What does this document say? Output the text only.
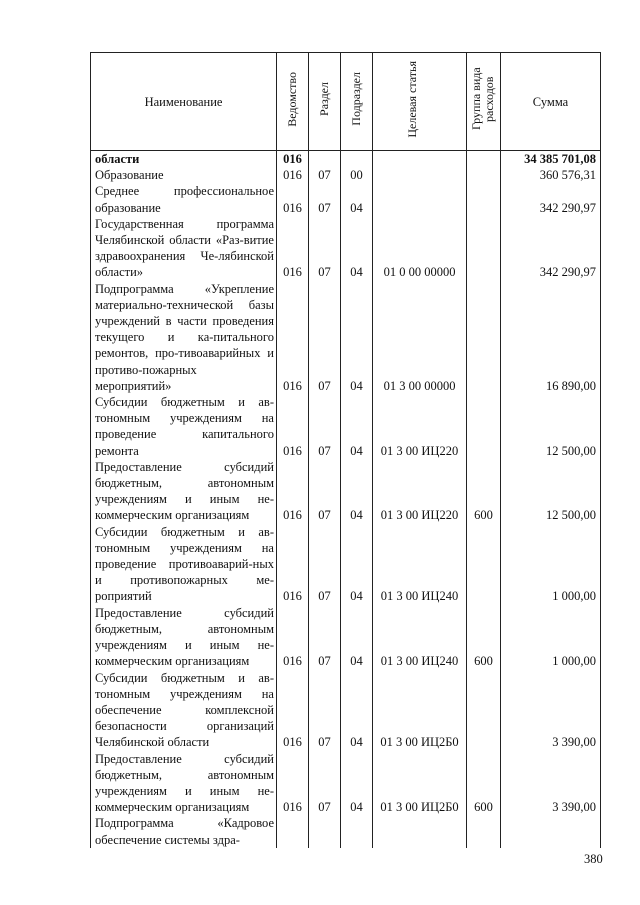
Наименование	Ведомство	Раздел	Подраздел	Целевая статья	Группа вида расходов	Сумма
области	016					34 385 701,08
Образование	016	07	00			360 576,31
Среднее профессиональное образование	016	07	04			342 290,97
Государственная программа Челябинской области «Раз-витие здравоохранения Че-лябинской области»	016	07	04	01 0 00 00000		342 290,97
Подпрограмма «Укрепление материально-технической базы учреждений в части проведения текущего и ка-питального ремонтов, про-тивоаварийных и противо-пожарных мероприятий»	016	07	04	01 3 00 00000		16 890,00
Субсидии бюджетным и ав-тономным учреждениям на проведение капитального ремонта	016	07	04	01 3 00 ИЦ220		12 500,00
Предоставление субсидий бюджетным, автономным учреждениям и иным не-коммерческим организациям	016	07	04	01 3 00 ИЦ220	600	12 500,00
Субсидии бюджетным и ав-тономным учреждениям на проведение противоаварий-ных и противопожарных ме-роприятий	016	07	04	01 3 00 ИЦ240		1 000,00
Предоставление субсидий бюджетным, автономным учреждениям и иным не-коммерческим организациям	016	07	04	01 3 00 ИЦ240	600	1 000,00
Субсидии бюджетным и ав-тономным учреждениям на обеспечение комплексной безопасности организаций Челябинской области	016	07	04	01 3 00 ИЦ2Б0		3 390,00
Предоставление субсидий бюджетным, автономным учреждениям и иным не-коммерческим организациям	016	07	04	01 3 00 ИЦ2Б0	600	3 390,00
Подпрограмма «Кадровое обеспечение системы здра-						
380
